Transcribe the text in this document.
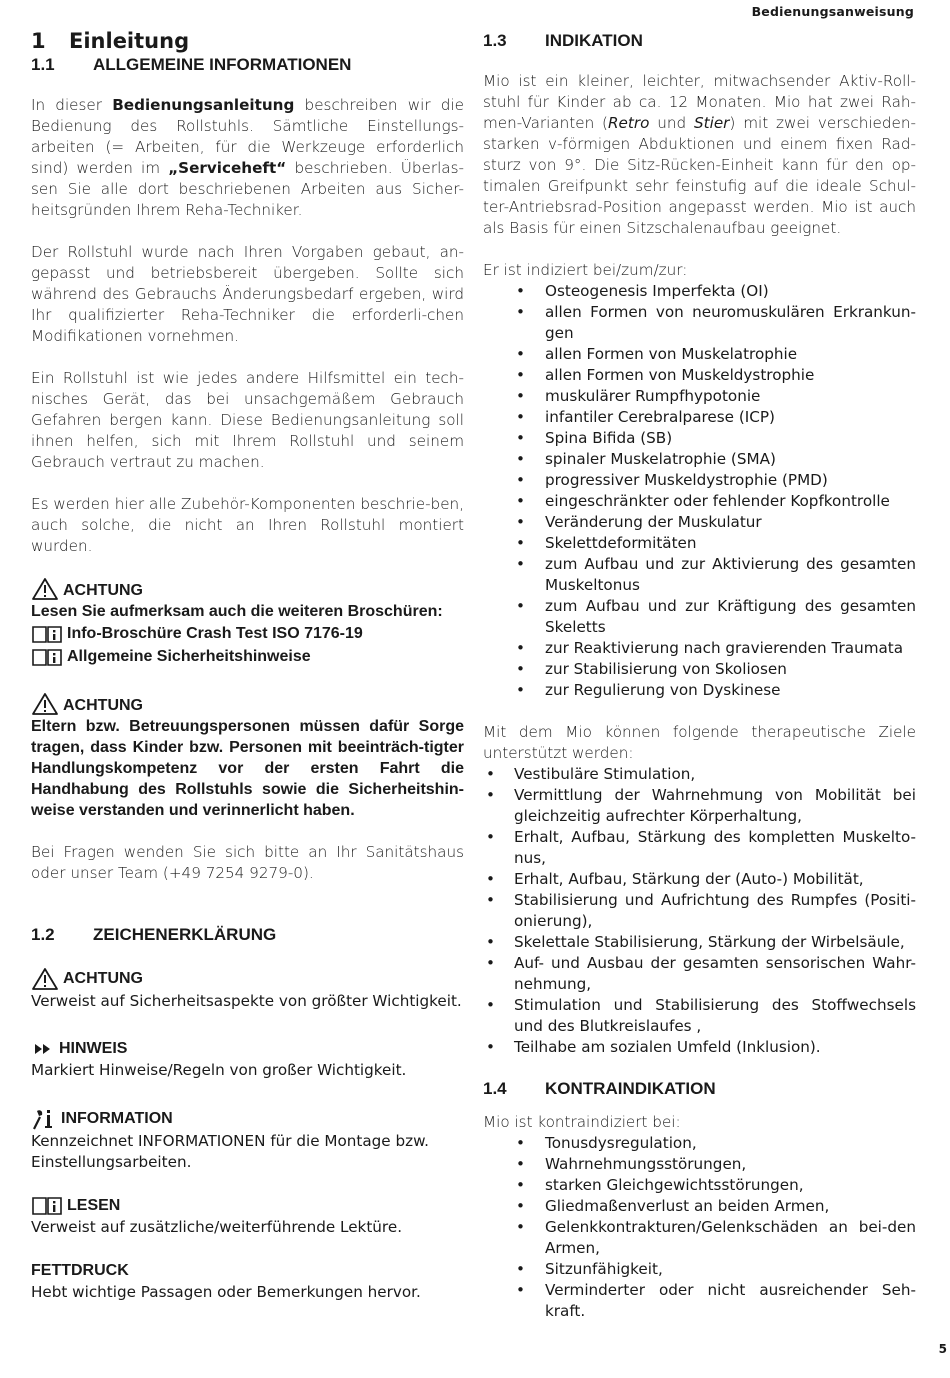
Bedienungsanweisung
1	Einleitung
1.1	ALLGEMEINE INFORMATIONEN

In dieser Bedienungsanleitung beschreiben wir die Bedienung des Rollstuhls. Sämtliche Einstellungs-arbeiten (= Arbeiten, für die Werkzeuge erforderlich sind) werden im „Serviceheft“ beschrieben. Überlas-sen Sie alle dort beschriebenen Arbeiten aus Sicher-heitsgründen Ihrem Reha-Techniker.

Der Rollstuhl wurde nach Ihren Vorgaben gebaut, an-gepasst und betriebsbereit übergeben. Sollte sich während des Gebrauchs Änderungsbedarf ergeben, wird Ihr qualifizierter Reha-Techniker die erforderli-chen Modifikationen vornehmen.

Ein Rollstuhl ist wie jedes andere Hilfsmittel ein tech-nisches Gerät, das bei unsachgemäßem Gebrauch Gefahren bergen kann. Diese Bedienungsanleitung soll ihnen helfen, sich mit Ihrem Rollstuhl und seinem Gebrauch vertraut zu machen.

Es werden hier alle Zubehör-Komponenten beschrie-ben, auch solche, die nicht an Ihren Rollstuhl montiert wurden.

ACHTUNG

Lesen Sie aufmerksam auch die weiteren Broschüren:

Info-Broschüre Crash Test ISO 7176-19
Allgemeine Sicherheitshinweise
ACHTUNG

Eltern bzw. Betreuungspersonen müssen dafür Sorge tragen, dass Kinder bzw. Personen mit beeinträch-tigter Handlungskompetenz vor der ersten Fahrt die Handhabung des Rollstuhls sowie die Sicherheitshin-weise verstanden und verinnerlicht haben.

Bei Fragen wenden Sie sich bitte an Ihr Sanitätshaus oder unser Team (+49 7254 9279-0).

1.2	ZEICHENERKLÄRUNG
ACHTUNG

Verweist auf Sicherheitsaspekte von größter Wichtigkeit.

HINWEIS

Markiert Hinweise/Regeln von großer Wichtigkeit.

INFORMATION

Kennzeichnet INFORMATIONEN für die Montage bzw. Einstellungsarbeiten.

LESEN

Verweist auf zusätzliche/weiterführende Lektüre.

FETTDRUCK

Hebt wichtige Passagen oder Bemerkungen hervor.

1.3	INDIKATION

Mio ist ein kleiner, leichter, mitwachsender Aktiv-Roll-stuhl für Kinder ab ca. 12 Monaten. Mio hat zwei Rah-men-Varianten (Retro und Stier) mit zwei verschieden-starken v-förmigen Abduktionen und einem fixen Rad-sturz von 9°. Die Sitz-Rücken-Einheit kann für den op-timalen Greifpunkt sehr feinstufig auf die ideale Schul-ter-Antriebsrad-Position angepasst werden. Mio ist auch als Basis für einen Sitzschalenaufbau geeignet.

Er ist indiziert bei/zum/zur:

• Osteogenesis Imperfekta (OI)
• allen Formen von neuromuskulären Erkrankun-gen
• allen Formen von Muskelatrophie
• allen Formen von Muskeldystrophie
• muskulärer Rumpfhypotonie
• infantiler Cerebralparese (ICP)
• Spina Bifida (SB)
• spinaler Muskelatrophie (SMA)
• progressiver Muskeldystrophie (PMD)
• eingeschränkter oder fehlender Kopfkontrolle
• Veränderung der Muskulatur
• Skelettdeformitäten
• zum Aufbau und zur Aktivierung des gesamten Muskeltonus
• zum Aufbau und zur Kräftigung des gesamten Skeletts
• zur Reaktivierung nach gravierenden Traumata
• zur Stabilisierung von Skoliosen
• zur Regulierung von Dyskinese

Mit dem Mio können folgende therapeutische Ziele unterstützt werden:

• Vestibuläre Stimulation,
• Vermittlung der Wahrnehmung von Mobilität bei gleichzeitig aufrechter Körperhaltung,
• Erhalt, Aufbau, Stärkung des kompletten Muskelto-nus,
• Erhalt, Aufbau, Stärkung der (Auto-) Mobilität,
• Stabilisierung und Aufrichtung des Rumpfes (Positi-onierung),
• Skelettale Stabilisierung, Stärkung der Wirbelsäule,
• Auf- und Ausbau der gesamten sensorischen Wahr-nehmung,
• Stimulation und Stabilisierung des Stoffwechsels und des Blutkreislaufes ,
• Teilhabe am sozialen Umfeld (Inklusion).
1.4	KONTRAINDIKATION

Mio ist kontraindiziert bei:

• Tonusdysregulation,
• Wahrnehmungsstörungen,
• starken Gleichgewichtsstörungen,
• Gliedmaßenverlust an beiden Armen,
• Gelenkkontrakturen/Gelenkschäden an bei-den Armen,
• Sitzunfähigkeit,
• Verminderter oder nicht ausreichender Seh-kraft.
5
